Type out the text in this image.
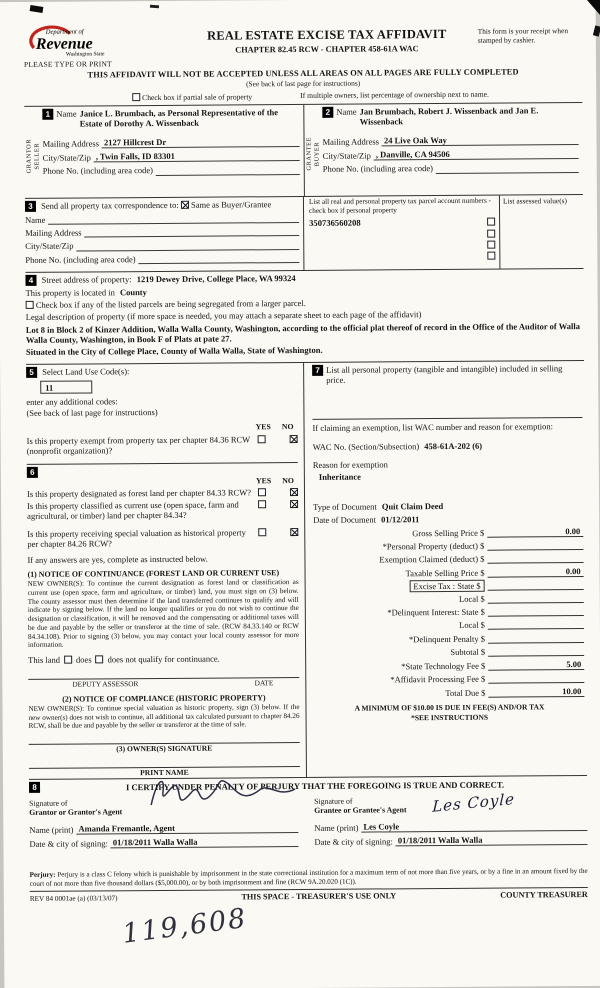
Department of
Revenue
Washington State
PLEASE TYPE OR PRINT
REAL ESTATE EXCISE TAX AFFIDAVIT
CHAPTER 82.45 RCW - CHAPTER 458-61A WAC
This form is your receipt when stamped by cashier.
THIS AFFIDAVIT WILL NOT BE ACCEPTED UNLESS ALL AREAS ON ALL PAGES ARE FULLY COMPLETED
(See back of last page for instructions)
Check box if partial sale of property	If multiple owners, list percentage of ownership next to name.
GRANTOR SELLER
1 Name Janice L. Brumbach, as Personal Representative of the Estate of Dorothy A. Wissenback
Mailing Address 2127 Hillcrest Dr
City/State/Zip , Twin Falls, ID 83301
Phone No. (including area code)
GRANTEE BUYER
2 Name Jan Brumbach, Robert J. Wissenback and Jan E. Wissenback
Mailing Address 24 Live Oak Way
City/State/Zip , Danville, CA 94506
Phone No. (including area code)
3 Send all property tax correspondence to: Same as Buyer/Grantee
Name
Mailing Address
City/State/Zip
Phone No. (including area code)
List all real and personal property tax parcel account numbers - check box if personal property
350736560208
List assessed value(s)
4 Street address of property: 1219 Dewey Drive, College Place, WA 99324
This property is located in County
Check box if any of the listed parcels are being segregated from a larger parcel.
Legal description of property (if more space is needed, you may attach a separate sheet to each page of the affidavit)
Lot 8 in Block 2 of Kinzer Addition, Walla Walla County, Washington, according to the official plat thereof of record in the Office of the Auditor of Walla Walla County, Washington, in Book F of Plats at pate 27.
Situated in the City of College Place, County of Walla Walla, State of Washington.
5 Select Land Use Code(s):
11
enter any additional codes:
(See back of last page for instructions)
YES NO
Is this property exempt from property tax per chapter 84.36 RCW (nonprofit organization)?
6
YES NO
Is this property designated as forest land per chapter 84.33 RCW?
Is this property classified as current use (open space, farm and agricultural, or timber) land per chapter 84.34?
Is this property receiving special valuation as historical property per chapter 84.26 RCW?
If any answers are yes, complete as instructed below.
(1) NOTICE OF CONTINUANCE (FOREST LAND OR CURRENT USE)
NEW OWNER(S): To continue the current designation as forest land or classification as current use (open space, farm and agriculture, or timber) land, you must sign on (3) below. The county assessor must then determine if the land transferred continues to qualify and will indicate by signing below. If the land no longer qualifies or you do not wish to continue the designation or classification, it will be removed and the compensating or additional taxes will be due and payable by the seller or transferor at the time of sale. (RCW 84.33.140 or RCW 84.34.108). Prior to signing (3) below, you may contact your local county assessor for more information.
This land does does not qualify for continuance.
DEPUTY ASSESSOR	DATE
(2) NOTICE OF COMPLIANCE (HISTORIC PROPERTY)
NEW OWNER(S): To continue special valuation as historic property, sign (3) below. If the new owner(s) does not wish to continue, all additional tax calculated pursuant to chapter 84.26 RCW, shall be due and payable by the seller or transferor at the time of sale.
(3) OWNER(S) SIGNATURE
PRINT NAME
7 List all personal property (tangible and intangible) included in selling price.
If claiming an exemption, list WAC number and reason for exemption:
WAC No. (Section/Subsection) 458-61A-202 (6)
Reason for exemption
Inheritance
Type of Document Quit Claim Deed
Date of Document 01/12/2011
Gross Selling Price $	0.00
*Personal Property (deduct) $
Exemption Claimed (deduct) $
Taxable Selling Price $	0.00
Excise Tax : State $
Local $
*Delinquent Interest: State $
Local $
*Delinquent Penalty $
Subtotal $
*State Technology Fee $	5.00
*Affidavit Processing Fee $
Total Due $	10.00
A MINIMUM OF $10.00 IS DUE IN FEE(S) AND/OR TAX
*SEE INSTRUCTIONS
8	I CERTIFY UNDER PENALTY OF PERJURY THAT THE FOREGOING IS TRUE AND CORRECT.
Signature of
Grantor or Grantor's Agent
Name (print) Amanda Fremantle, Agent
Date & city of signing: 01/18/2011 Walla Walla
Signature of
Grantee or Grantee's Agent Les Coyle
Name (print) Les Coyle
Date & city of signing: 01/18/2011 Walla Walla
Perjury: Perjury is a class C felony which is punishable by imprisonment in the state correctional institution for a maximum term of not more than five years, or by a fine in an amount fixed by the court of not more than five thousand dollars ($5,000.00), or by both imprisonment and fine (RCW 9A.20.020 (1C)).
REV 84 0001ae (a) (03/13/07)	THIS SPACE - TREASURER'S USE ONLY	COUNTY TREASURER
119,608
